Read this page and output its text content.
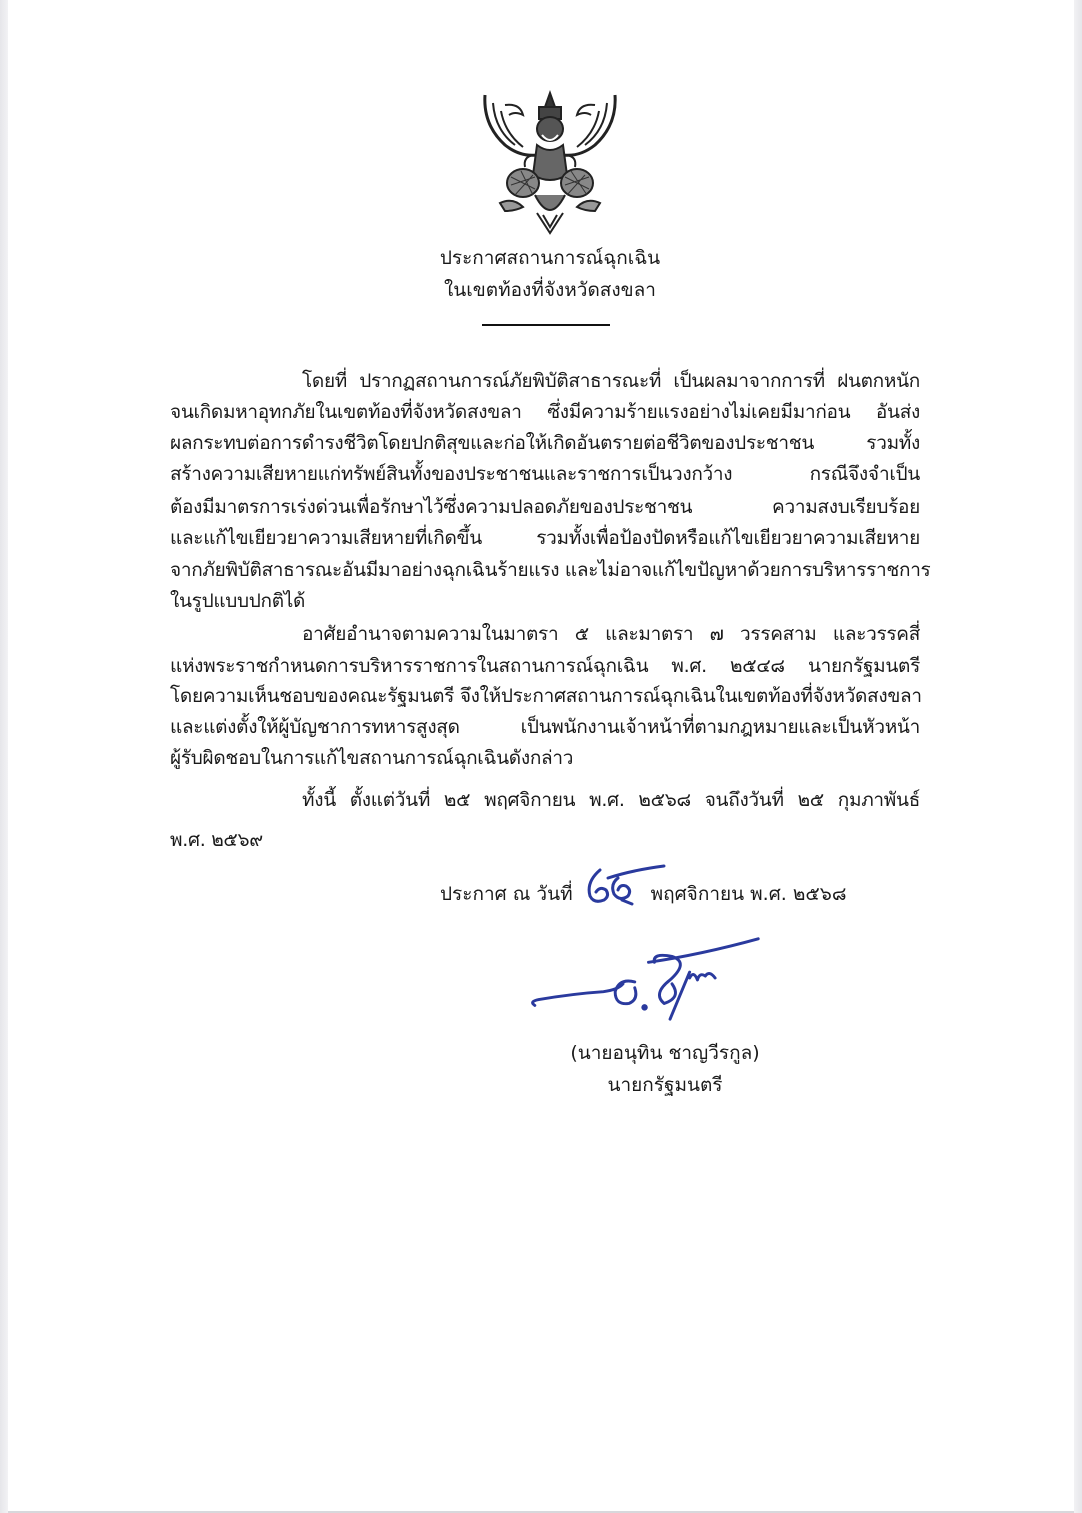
ประกาศสถานการณ์ฉุกเฉิน
ในเขตท้องที่จังหวัดสงขลา
โดยที่ ปรากฏสถานการณ์ภัยพิบัติสาธารณะที่ เป็นผลมาจากการที่ ฝนตกหนัก
จนเกิดมหาอุทกภัยในเขตท้องที่จังหวัดสงขลา ซึ่งมีความร้ายแรงอย่างไม่เคยมีมาก่อน อันส่ง
ผลกระทบต่อการดำรงชีวิตโดยปกติสุขและก่อให้เกิดอันตรายต่อชีวิตของประชาชน รวมทั้ง
สร้างความเสียหายแก่ทรัพย์สินทั้งของประชาชนและราชการเป็นวงกว้าง กรณีจึงจำเป็น
ต้องมีมาตรการเร่งด่วนเพื่อรักษาไว้ซึ่งความปลอดภัยของประชาชน ความสงบเรียบร้อย
และแก้ไขเยียวยาความเสียหายที่เกิดขึ้น รวมทั้งเพื่อป้องปัดหรือแก้ไขเยียวยาความเสียหาย
จากภัยพิบัติสาธารณะอันมีมาอย่างฉุกเฉินร้ายแรง และไม่อาจแก้ไขปัญหาด้วยการบริหารราชการ
ในรูปแบบปกติได้
อาศัยอำนาจตามความในมาตรา ๕ และมาตรา ๗ วรรคสาม และวรรคสี่
แห่งพระราชกำหนดการบริหารราชการในสถานการณ์ฉุกเฉิน พ.ศ. ๒๕๔๘ นายกรัฐมนตรี
โดยความเห็นชอบของคณะรัฐมนตรี จึงให้ประกาศสถานการณ์ฉุกเฉินในเขตท้องที่จังหวัดสงขลา
และแต่งตั้งให้ผู้บัญชาการทหารสูงสุด เป็นพนักงานเจ้าหน้าที่ตามกฎหมายและเป็นหัวหน้า
ผู้รับผิดชอบในการแก้ไขสถานการณ์ฉุกเฉินดังกล่าว
ทั้งนี้ ตั้งแต่วันที่ ๒๕ พฤศจิกายน พ.ศ. ๒๕๖๘ จนถึงวันที่ ๒๕ กุมภาพันธ์
พ.ศ. ๒๕๖๙
ประกาศ ณ วันที่	พฤศจิกายน พ.ศ. ๒๕๖๘
(นายอนุทิน ชาญวีรกูล)
นายกรัฐมนตรี
